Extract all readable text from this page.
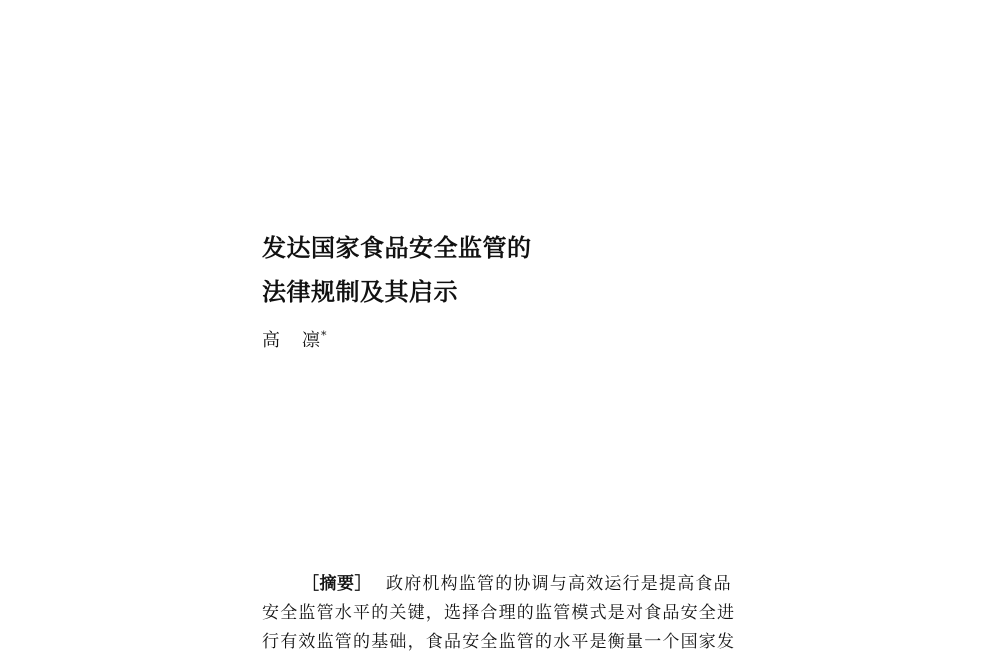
发达国家食品安全监管的
法律规制及其启示
高 凛*
［摘要］ 政府机构监管的协调与高效运行是提高食品
安全监管水平的关键，选择合理的监管模式是对食品安全进
行有效监管的基础，食品安全监管的水平是衡量一个国家发
